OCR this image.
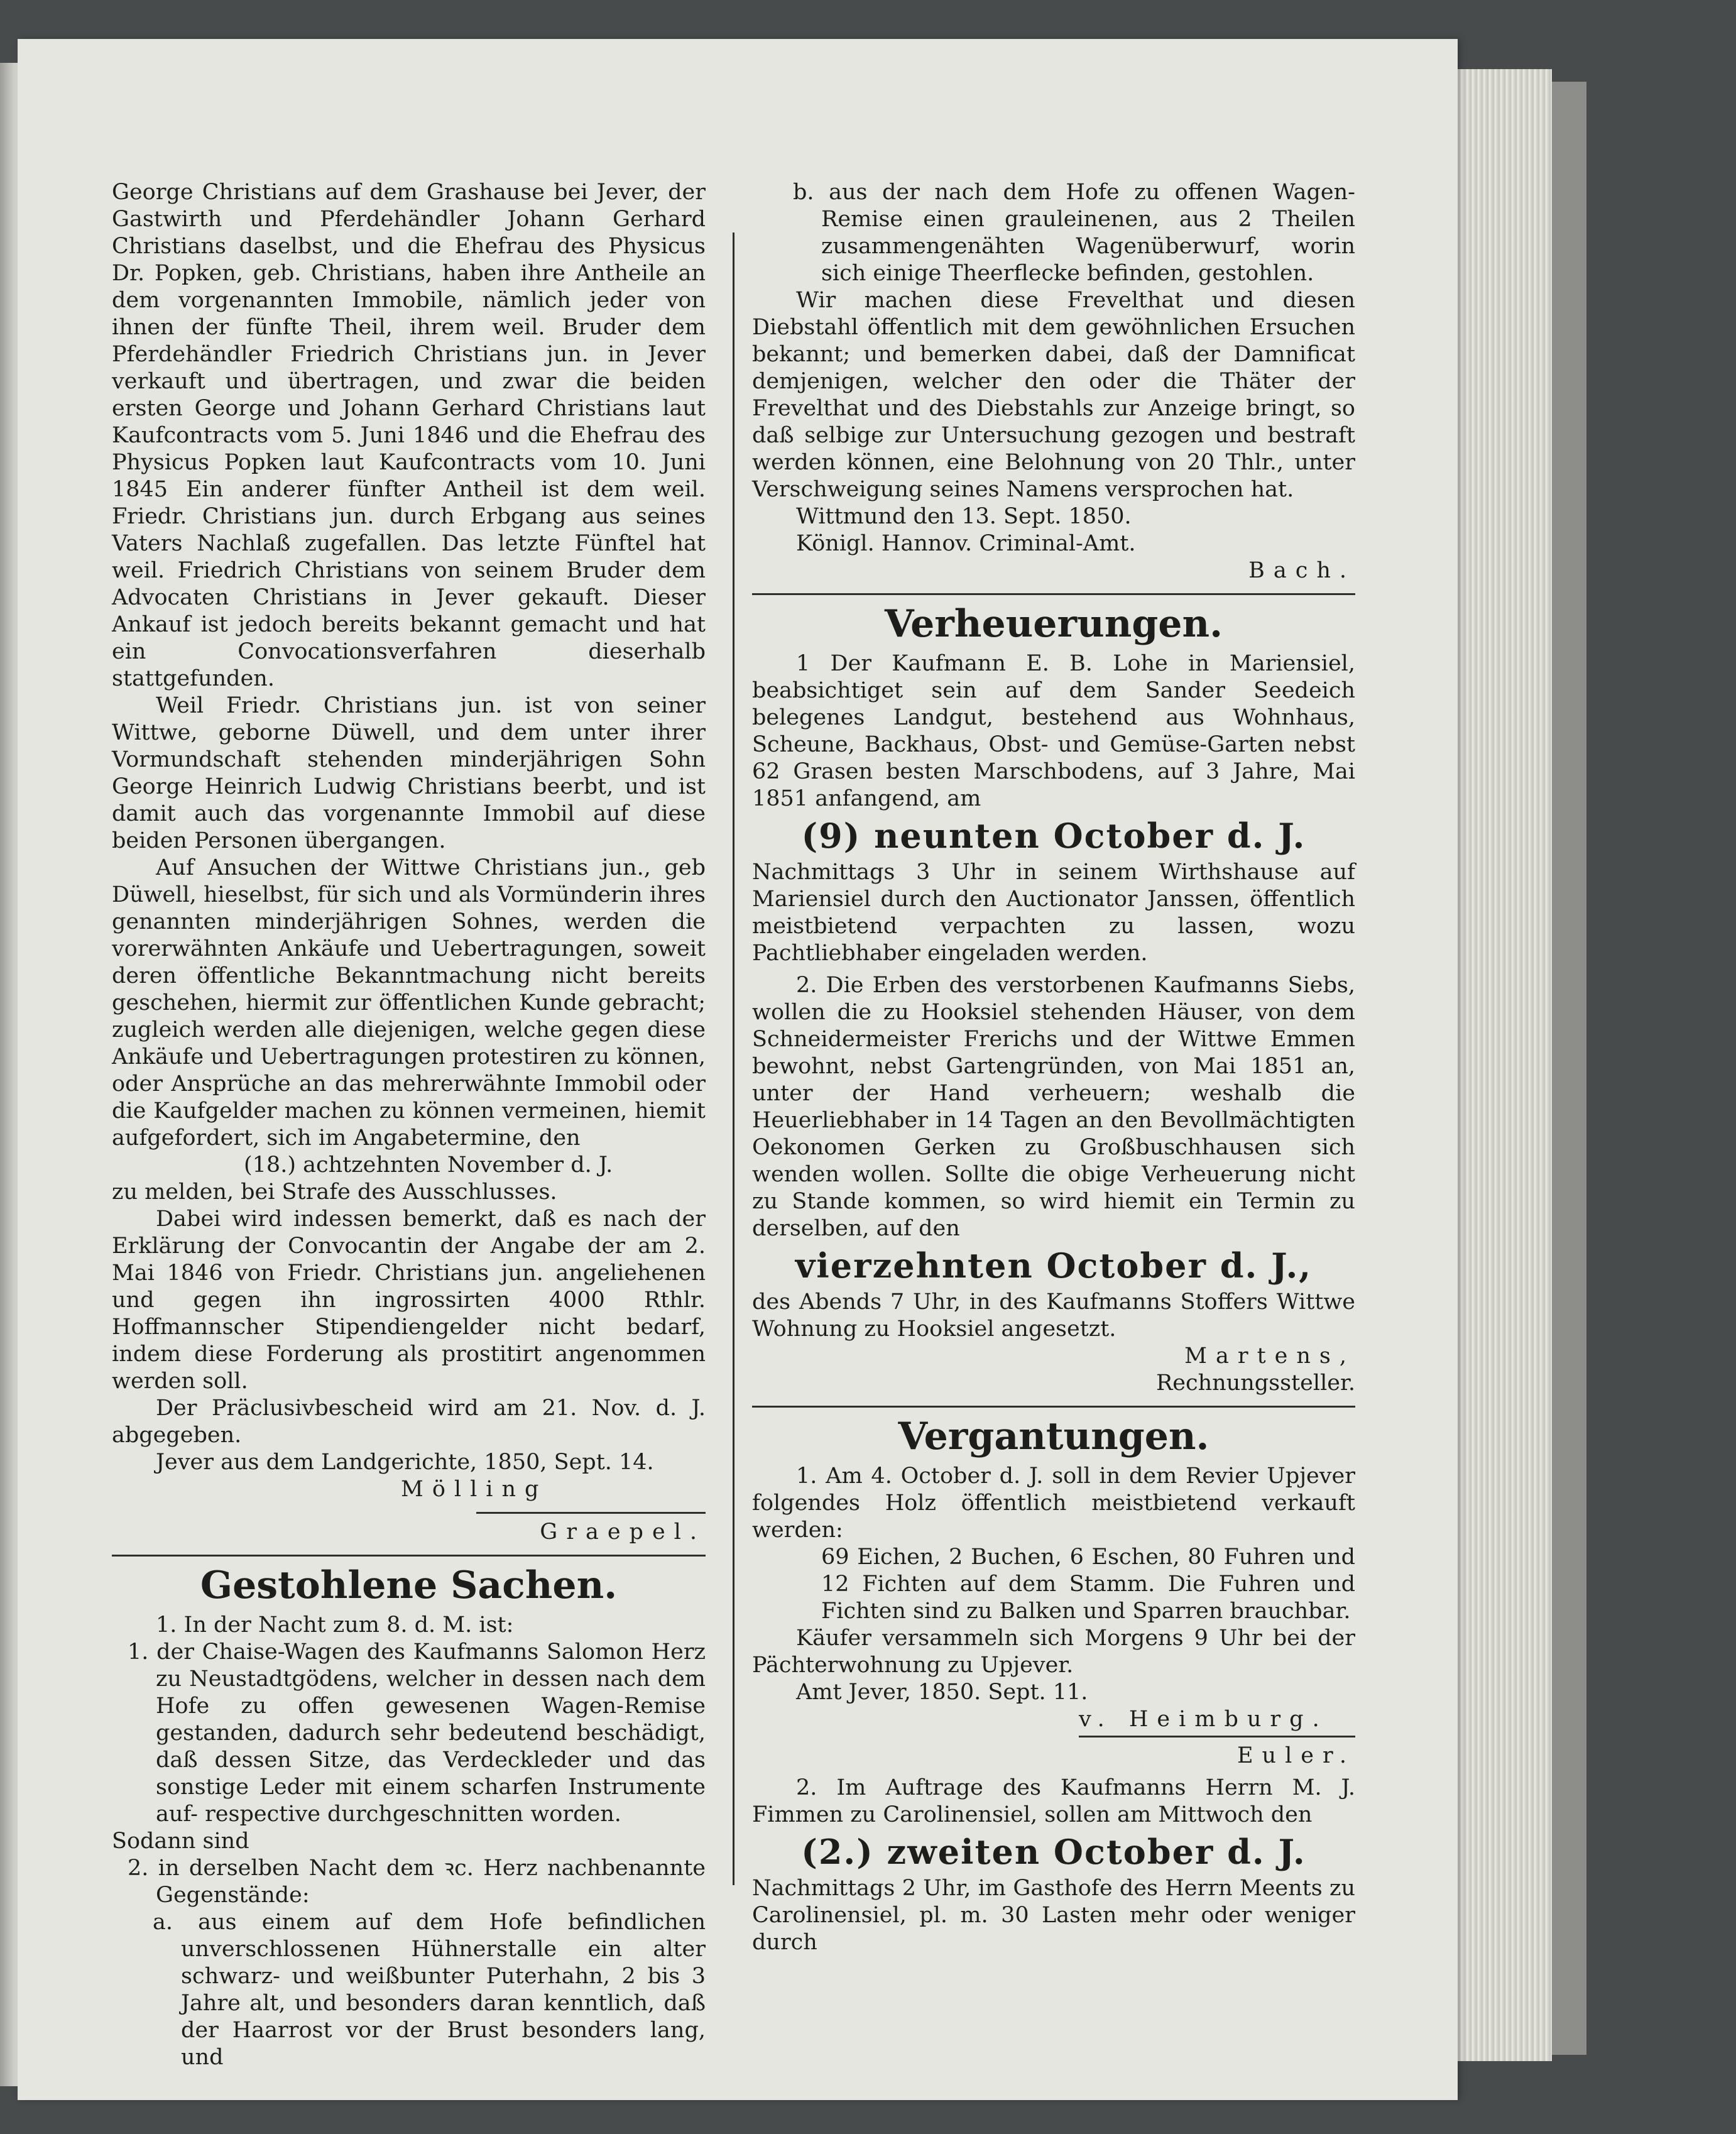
George Christians auf dem Grashause bei Jever, der Gastwirth und Pferdehändler Johann Gerhard Christians daselbst, und die Ehefrau des Physicus Dr. Popken, geb. Christians, haben ihre Antheile an dem vorgenannten Immobile, nämlich jeder von ihnen der fünfte Theil, ihrem weil. Bruder dem Pferdehändler Friedrich Christians jun. in Jever verkauft und übertragen, und zwar die beiden ersten George und Johann Gerhard Christians laut Kaufcontracts vom 5. Juni 1846 und die Ehefrau des Physicus Popken laut Kaufcontracts vom 10. Juni 1845 Ein anderer fünfter Antheil ist dem weil. Friedr. Christians jun. durch Erbgang aus seines Vaters Nachlaß zugefallen. Das letzte Fünftel hat weil. Friedrich Christians von seinem Bruder dem Advocaten Christians in Jever gekauft. Dieser Ankauf ist jedoch bereits bekannt gemacht und hat ein Convocationsverfahren dieserhalb stattgefunden.

Weil Friedr. Christians jun. ist von seiner Wittwe, geborne Düwell, und dem unter ihrer Vormundschaft stehenden minderjährigen Sohn George Heinrich Ludwig Christians beerbt, und ist damit auch das vorgenannte Immobil auf diese beiden Personen übergangen.

Auf Ansuchen der Wittwe Christians jun., geb Düwell, hieselbst, für sich und als Vormünderin ihres genannten minderjährigen Sohnes, werden die vorerwähnten Ankäufe und Uebertragungen, soweit deren öffentliche Bekanntmachung nicht bereits geschehen, hiermit zur öffentlichen Kunde gebracht; zugleich werden alle diejenigen, welche gegen diese Ankäufe und Uebertragungen protestiren zu können, oder Ansprüche an das mehrerwähnte Immobil oder die Kaufgelder machen zu können vermeinen, hiemit aufgefordert, sich im Angabetermine, den

(18.) achtzehnten November d. J.

zu melden, bei Strafe des Ausschlusses.

Dabei wird indessen bemerkt, daß es nach der Erklärung der Convocantin der Angabe der am 2. Mai 1846 von Friedr. Christians jun. angeliehenen und gegen ihn ingrossirten 4000 Rthlr. Hoffmannscher Stipendiengelder nicht bedarf, indem diese Forderung als prostitirt angenommen werden soll.

Der Präclusivbescheid wird am 21. Nov. d. J. abgegeben.

Jever aus dem Landgerichte, 1850, Sept. 14.

Mölling

Graepel.

Gestohlene Sachen.

1. In der Nacht zum 8. d. M. ist:

1. der Chaise-Wagen des Kaufmanns Salomon Herz zu Neustadtgödens, welcher in dessen nach dem Hofe zu offen gewesenen Wagen-Remise gestanden, dadurch sehr bedeutend beschädigt, daß dessen Sitze, das Verdeckleder und das sonstige Leder mit einem scharfen Instrumente auf- respective durchgeschnitten worden.

Sodann sind

2. in derselben Nacht dem ꝛc. Herz nachbenannte Gegenstände:

a. aus einem auf dem Hofe befindlichen unverschlossenen Hühnerstalle ein alter schwarz- und weißbunter Puterhahn, 2 bis 3 Jahre alt, und besonders daran kenntlich, daß der Haarrost vor der Brust besonders lang, und

b. aus der nach dem Hofe zu offenen Wagen-Remise einen grauleinenen, aus 2 Theilen zusammengenähten Wagenüberwurf, worin sich einige Theerflecke befinden, gestohlen.

Wir machen diese Frevelthat und diesen Diebstahl öffentlich mit dem gewöhnlichen Ersuchen bekannt; und bemerken dabei, daß der Damnificat demjenigen, welcher den oder die Thäter der Frevelthat und des Diebstahls zur Anzeige bringt, so daß selbige zur Untersuchung gezogen und bestraft werden können, eine Belohnung von 20 Thlr., unter Verschweigung seines Namens versprochen hat.

Wittmund den 13. Sept. 1850.

Königl. Hannov. Criminal-Amt.

Bach.

Verheuerungen.

1 Der Kaufmann E. B. Lohe in Mariensiel, beabsichtiget sein auf dem Sander Seedeich belegenes Landgut, bestehend aus Wohnhaus, Scheune, Backhaus, Obst- und Gemüse-Garten nebst 62 Grasen besten Marschbodens, auf 3 Jahre, Mai 1851 anfangend, am

(9) neunten October d. J.

Nachmittags 3 Uhr in seinem Wirthshause auf Mariensiel durch den Auctionator Janssen, öffentlich meistbietend verpachten zu lassen, wozu Pachtliebhaber eingeladen werden.

2. Die Erben des verstorbenen Kaufmanns Siebs, wollen die zu Hooksiel stehenden Häuser, von dem Schneidermeister Frerichs und der Wittwe Emmen bewohnt, nebst Gartengründen, von Mai 1851 an, unter der Hand verheuern; weshalb die Heuerliebhaber in 14 Tagen an den Bevollmächtigten Oekonomen Gerken zu Großbuschhausen sich wenden wollen. Sollte die obige Verheuerung nicht zu Stande kommen, so wird hiemit ein Termin zu derselben, auf den

vierzehnten October d. J.,

des Abends 7 Uhr, in des Kaufmanns Stoffers Wittwe Wohnung zu Hooksiel angesetzt.

Martens,

Rechnungssteller.

Vergantungen.

1. Am 4. October d. J. soll in dem Revier Upjever folgendes Holz öffentlich meistbietend verkauft werden:

69 Eichen, 2 Buchen, 6 Eschen, 80 Fuhren und 12 Fichten auf dem Stamm. Die Fuhren und Fichten sind zu Balken und Sparren brauchbar.

Käufer versammeln sich Morgens 9 Uhr bei der Pächterwohnung zu Upjever.

Amt Jever, 1850. Sept. 11.

v. Heimburg.

Euler.

2. Im Auftrage des Kaufmanns Herrn M. J. Fimmen zu Carolinensiel, sollen am Mittwoch den

(2.) zweiten October d. J.

Nachmittags 2 Uhr, im Gasthofe des Herrn Meents zu Carolinensiel, pl. m. 30 Lasten mehr oder weniger durch
